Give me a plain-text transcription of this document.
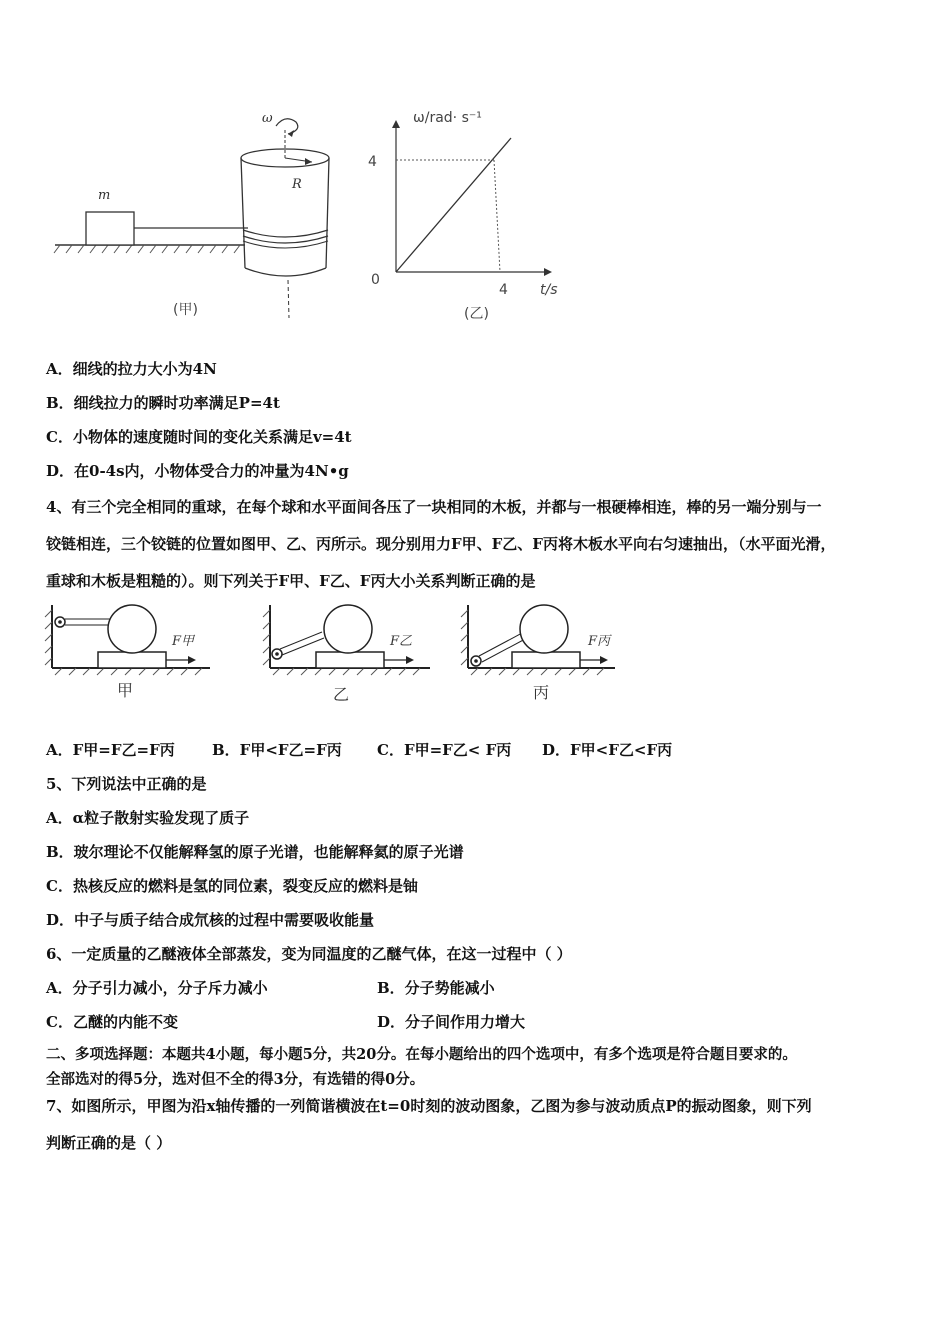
m
R
ω
(甲)
ω/rad· s⁻¹
4
0
4 t/s
(乙)
A．细线的拉力大小为4N
B．细线拉力的瞬时功率满足P=4t
C．小物体的速度随时间的变化关系满足v=4t
D．在0-4s内，小物体受合力的冲量为4N•g
4、有三个完全相同的重球，在每个球和水平面间各压了一块相同的木板，并都与一根硬棒相连，棒的另一端分别与一
铰链相连，三个铰链的位置如图甲、乙、丙所示。现分别用力F甲、F乙、F丙将木板水平向右匀速抽出，（水平面光滑，
重球和木板是粗糙的）。则下列关于F甲、F乙、F丙大小关系判断正确的是
F甲	F乙	F丙
甲	乙	丙
A．F甲=F乙=F丙 B．F甲<F乙=F丙 C．F甲=F乙< F丙 D．F甲<F乙<F丙
5、下列说法中正确的是
A．α粒子散射实验发现了质子
B．玻尔理论不仅能解释氢的原子光谱，也能解释氦的原子光谱
C．热核反应的燃料是氢的同位素，裂变反应的燃料是铀
D．中子与质子结合成氘核的过程中需要吸收能量
6、一定质量的乙醚液体全部蒸发，变为同温度的乙醚气体，在这一过程中（ ）
A．分子引力减小，分子斥力减小	B．分子势能减小
C．乙醚的内能不变	D．分子间作用力增大
二、多项选择题：本题共4小题，每小题5分，共20分。在每小题给出的四个选项中，有多个选项是符合题目要求的。
全部选对的得5分，选对但不全的得3分，有选错的得0分。
7、如图所示，甲图为沿x轴传播的一列简谐横波在t=0时刻的波动图象，乙图为参与波动质点P的振动图象，则下列
判断正确的是（ ）
